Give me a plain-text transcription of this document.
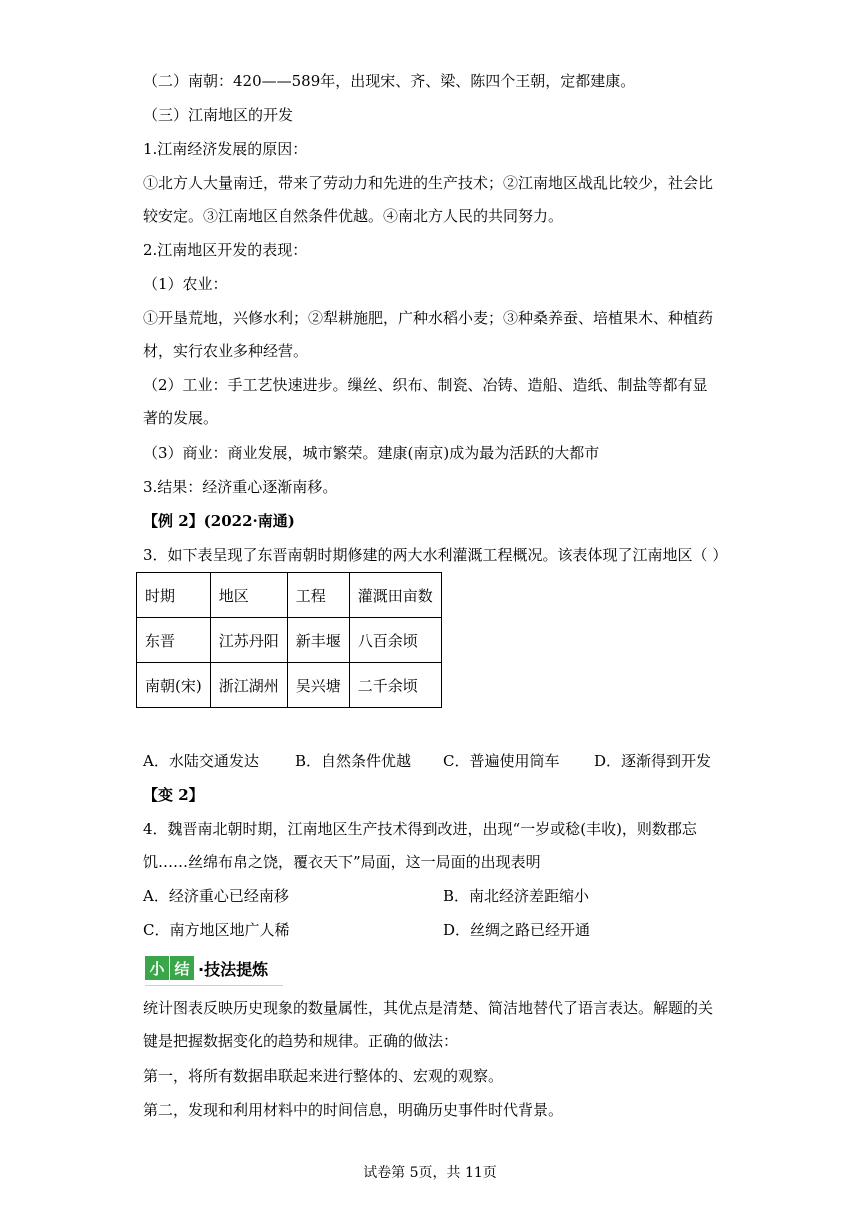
（二）南朝：420——589年，出现宋、齐、梁、陈四个王朝，定都建康。
（三）江南地区的开发
1.江南经济发展的原因：
①北方人大量南迁，带来了劳动力和先进的生产技术；②江南地区战乱比较少，社会比较安定。③江南地区自然条件优越。④南北方人民的共同努力。
2.江南地区开发的表现：
（1）农业：
①开垦荒地，兴修水利；②犁耕施肥，广种水稻小麦；③种桑养蚕、培植果木、种植药材，实行农业多种经营。
（2）工业：手工艺快速进步。缫丝、织布、制瓷、冶铸、造船、造纸、制盐等都有显著的发展。
（3）商业：商业发展，城市繁荣。建康(南京)成为最为活跃的大都市
3.结果：经济重心逐渐南移。
【例 2】(2022·南通)
3．如下表呈现了东晋南朝时期修建的两大水利灌溉工程概况。该表体现了江南地区（ ）
时期	地区	工程	灌溉田亩数
东晋	江苏丹阳	新丰堰	八百余顷
南朝(宋)	浙江湖州	吴兴塘	二千余顷
A．水陆交通发达 B．自然条件优越 C．普遍使用筒车 D．逐渐得到开发
【变 2】
4．魏晋南北朝时期，江南地区生产技术得到改进，出现“一岁或稔(丰收)，则数郡忘饥……丝绵布帛之饶，覆衣天下”局面，这一局面的出现表明
A．经济重心已经南移	B．南北经济差距缩小
C．南方地区地广人稀	D．丝绸之路已经开通
小 结 ·技法提炼
统计图表反映历史现象的数量属性，其优点是清楚、简洁地替代了语言表达。解题的关键是把握数据变化的趋势和规律。正确的做法：
第一，将所有数据串联起来进行整体的、宏观的观察。
第二，发现和利用材料中的时间信息，明确历史事件时代背景。
试卷第 5页，共 11页
